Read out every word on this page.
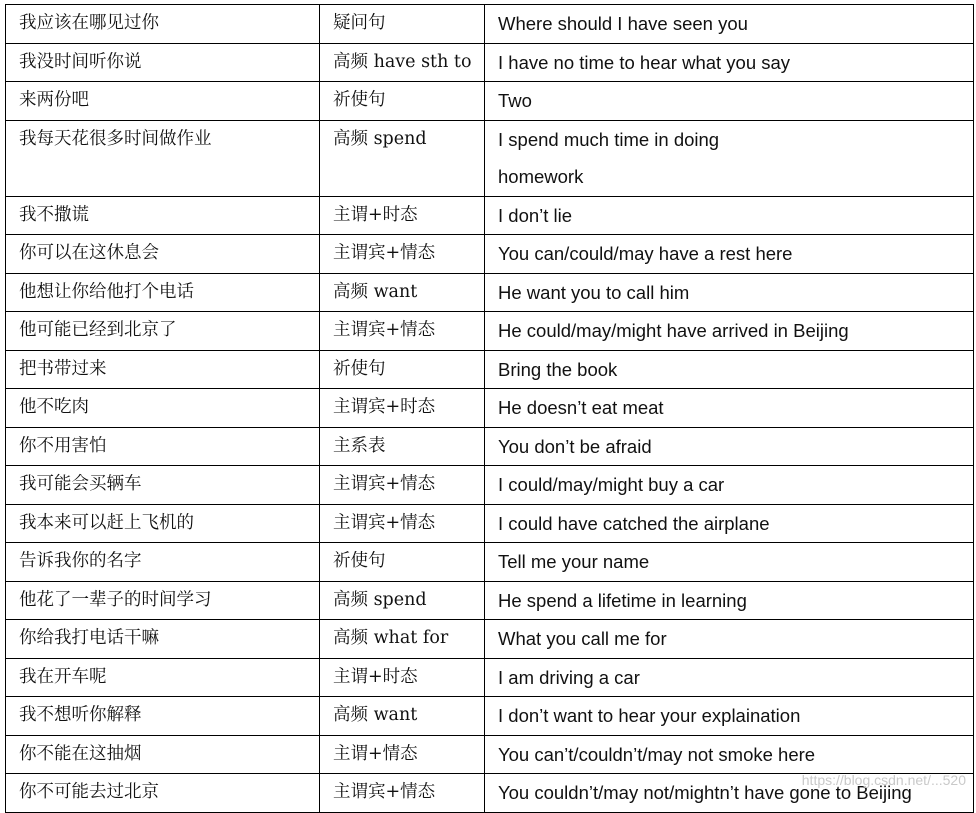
我应该在哪见过你	疑问句	Where should I have seen you
我没时间听你说	高频 have sth to	I have no time to hear what you say
来两份吧	祈使句	Two
我每天花很多时间做作业	高频 spend	I spend much time in doing
homework

我不撒谎	主谓+时态	I don’t lie
你可以在这休息会	主谓宾+情态	You can/could/may have a rest here
他想让你给他打个电话	高频 want	He want you to call him
他可能已经到北京了	主谓宾+情态	He could/may/might have arrived in Beijing
把书带过来	祈使句	Bring the book
他不吃肉	主谓宾+时态	He doesn’t eat meat
你不用害怕	主系表	You don’t be afraid
我可能会买辆车	主谓宾+情态	I could/may/might buy a car
我本来可以赶上飞机的	主谓宾+情态	I could have catched the airplane
告诉我你的名字	祈使句	Tell me your name
他花了一辈子的时间学习	高频 spend	He spend a lifetime in learning
你给我打电话干嘛	高频 what for	What you call me for
我在开车呢	主谓+时态	I am driving a car
我不想听你解释	高频 want	I don’t want to hear your explaination
你不能在这抽烟	主谓+情态	You can’t/couldn’t/may not smoke here
你不可能去过北京	主谓宾+情态	You couldn’t/may not/mightn’t have gone to Beijing
https://blog.csdn.net/...520
